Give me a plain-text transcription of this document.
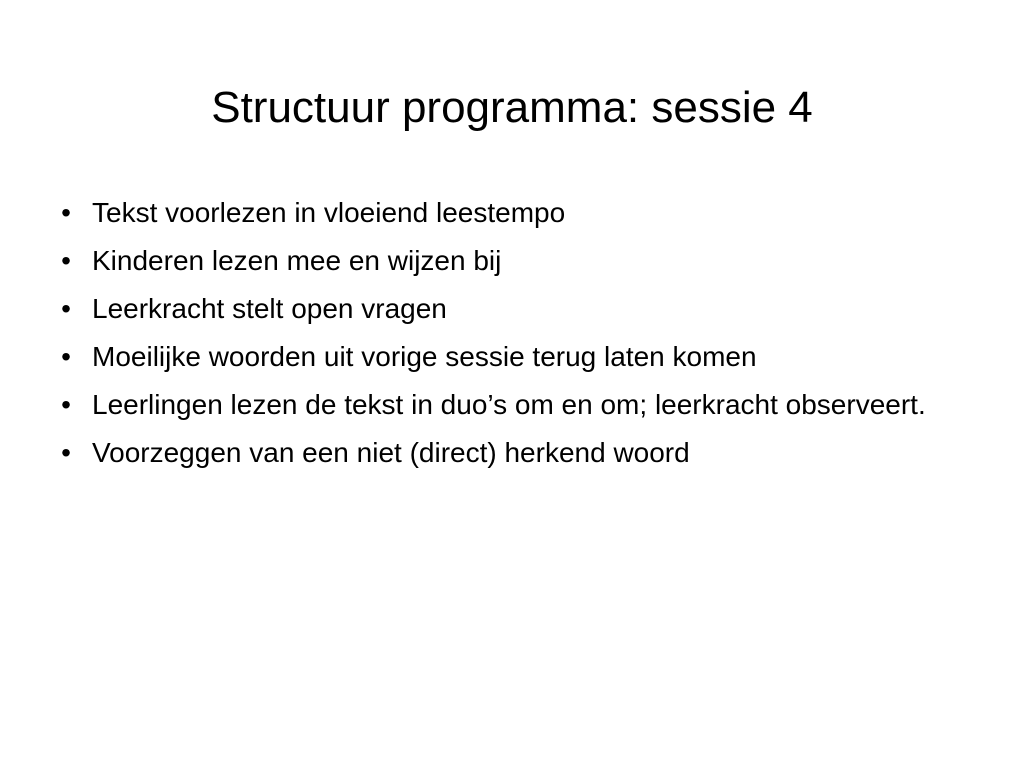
Structuur programma: sessie 4
• Tekst voorlezen in vloeiend leestempo
• Kinderen lezen mee en wijzen bij
• Leerkracht stelt open vragen
• Moeilijke woorden uit vorige sessie terug laten komen
• Leerlingen lezen de tekst in duo’s om en om; leerkracht observeert.
• Voorzeggen van een niet (direct) herkend woord
